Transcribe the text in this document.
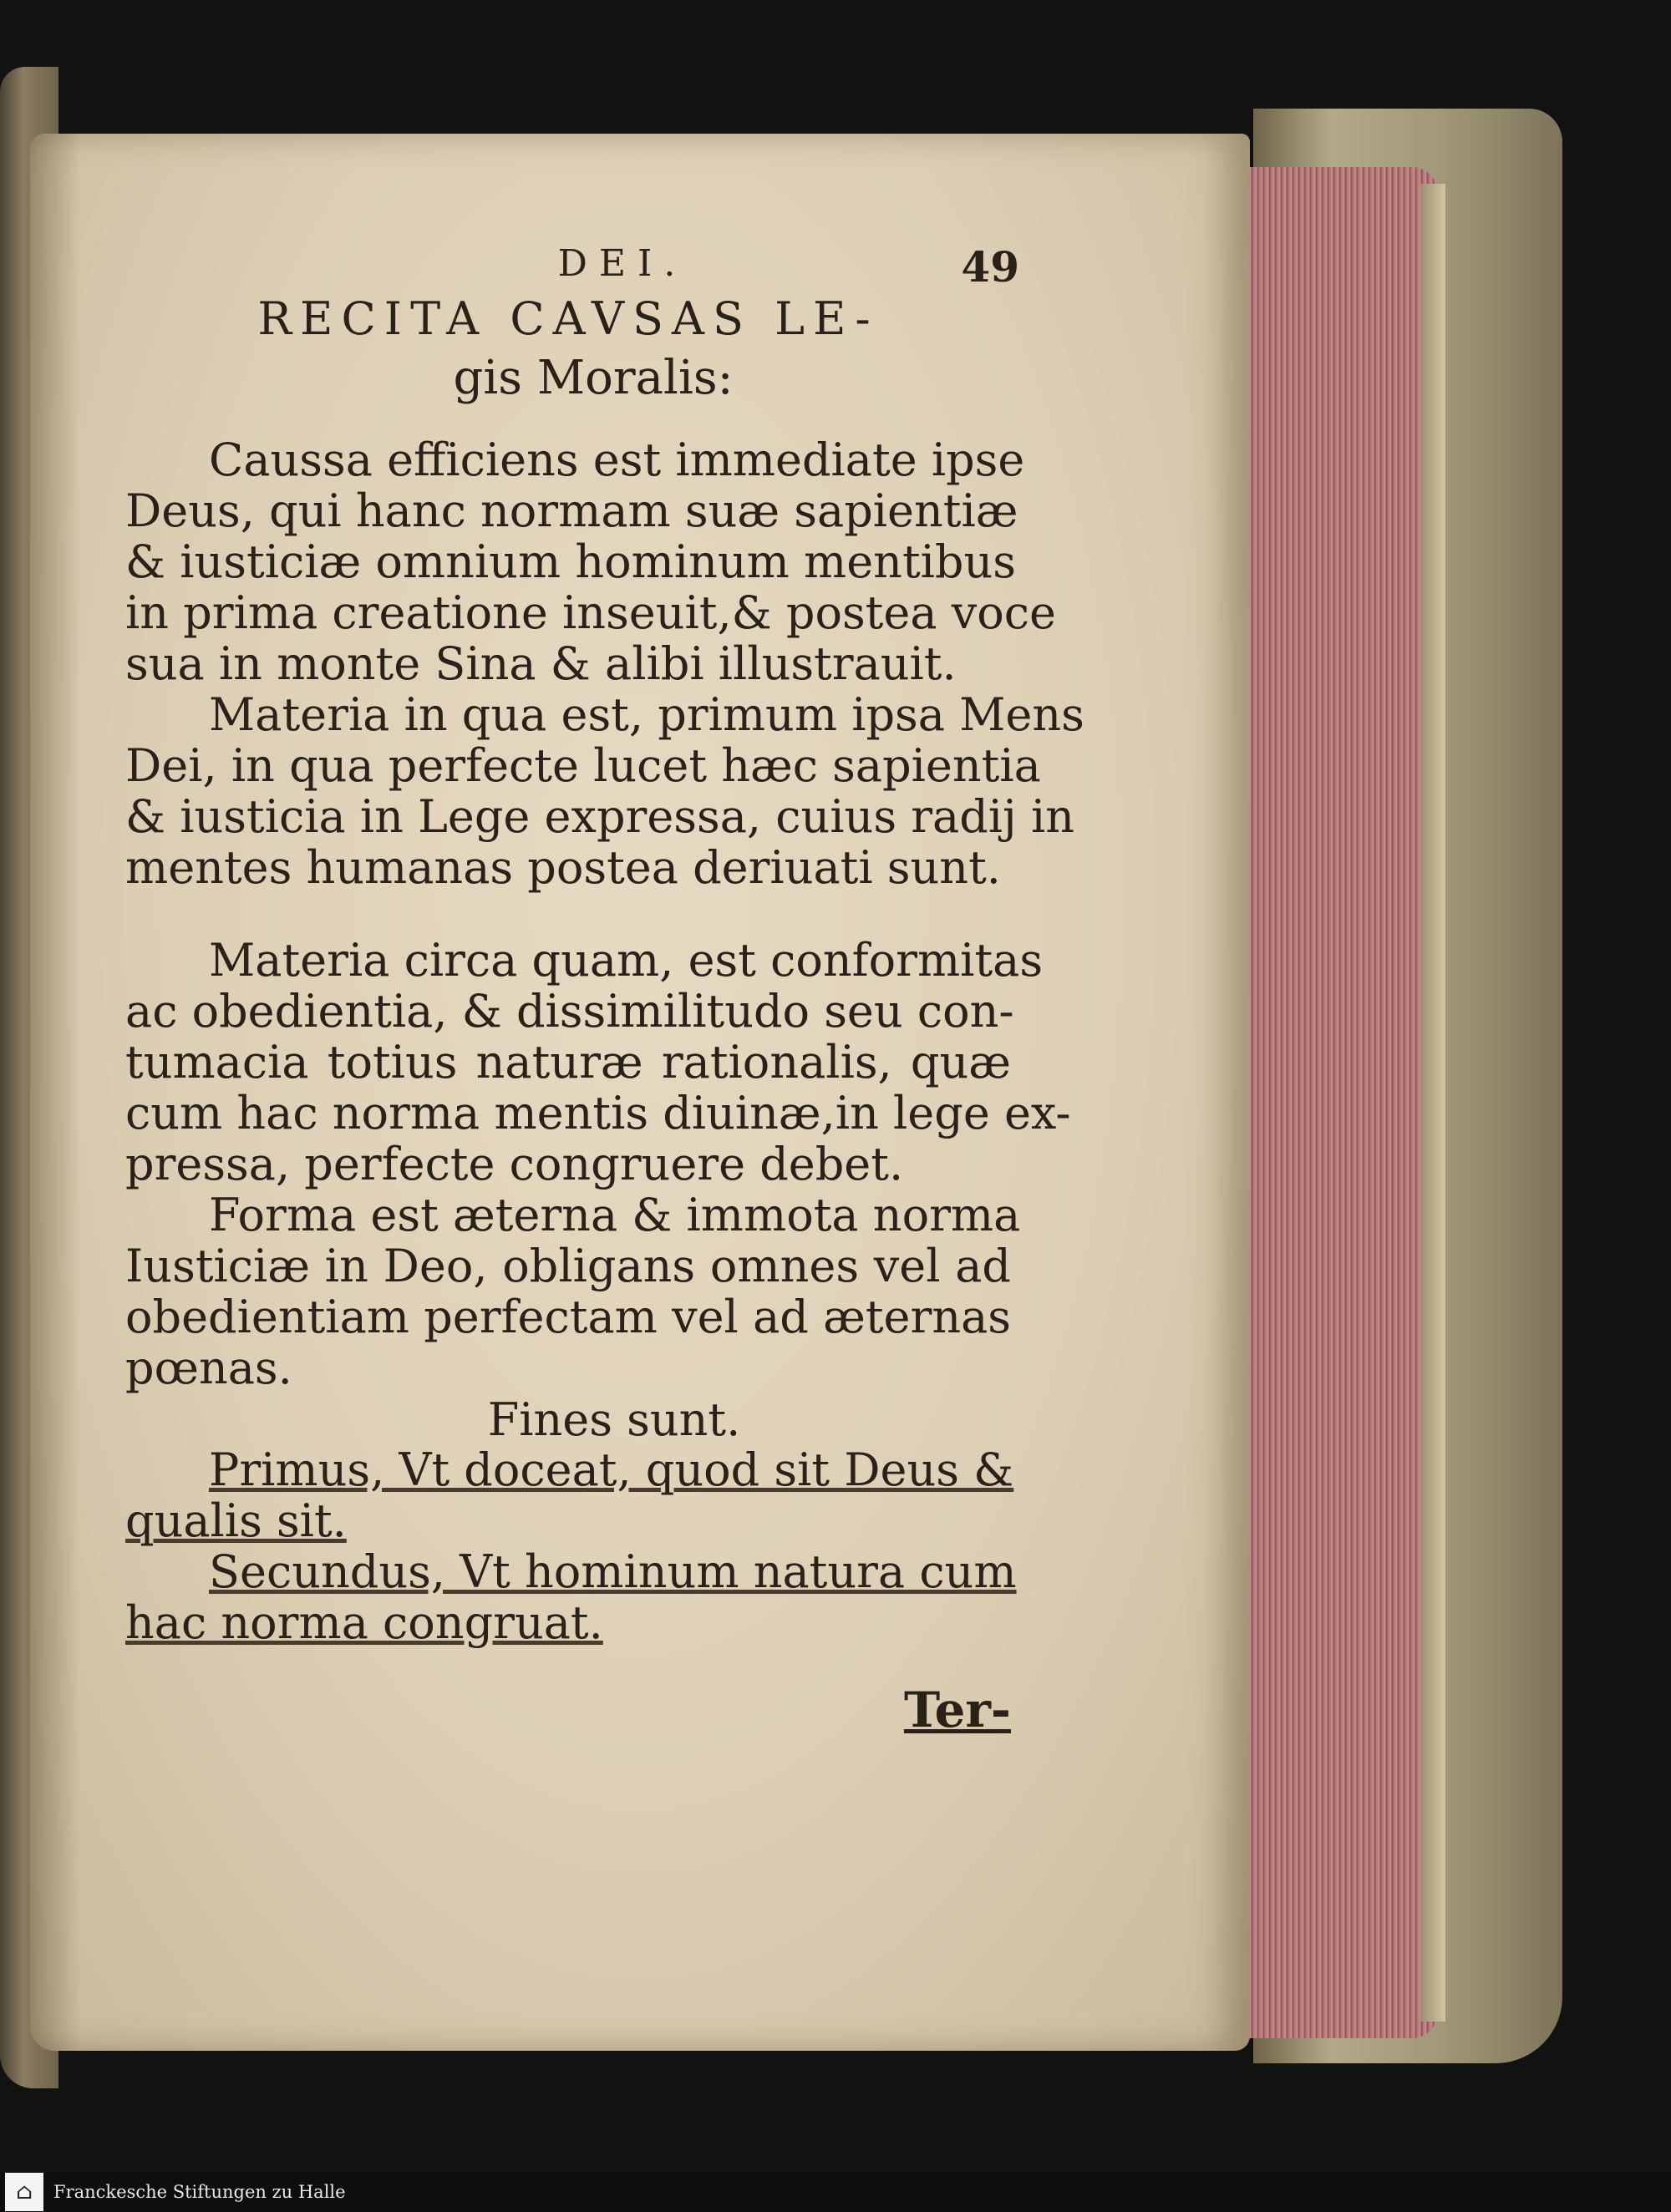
DEI.	49
RECITA CAVSAS LE-
gis Moralis:
Caussa efficiens est immediate ipse
Deus, qui hanc normam suæ sapientiæ
& iusticiæ omnium hominum mentibus
in prima creatione inseuit,& postea voce
sua in monte Sina & alibi illustrauit.
Materia in qua est, primum ipsa Mens
Dei, in qua perfecte lucet hæc sapientia
& iusticia in Lege expressa, cuius radij in
mentes humanas postea deriuati sunt.
Materia circa quam, est conformitas
ac obedientia, & dissimilitudo seu con-
tumacia totius naturæ rationalis, quæ
cum hac norma mentis diuinæ,in lege ex-
pressa, perfecte congruere debet.
Forma est æterna & immota norma
Iusticiæ in Deo, obligans omnes vel ad
obedientiam perfectam vel ad æternas
pœnas.
Fines sunt.
Primus, Vt doceat, quod sit Deus &
qualis sit.
Secundus, Vt hominum natura cum
hac norma congruat.
Ter-
⌂	Franckesche Stiftungen zu Halle
